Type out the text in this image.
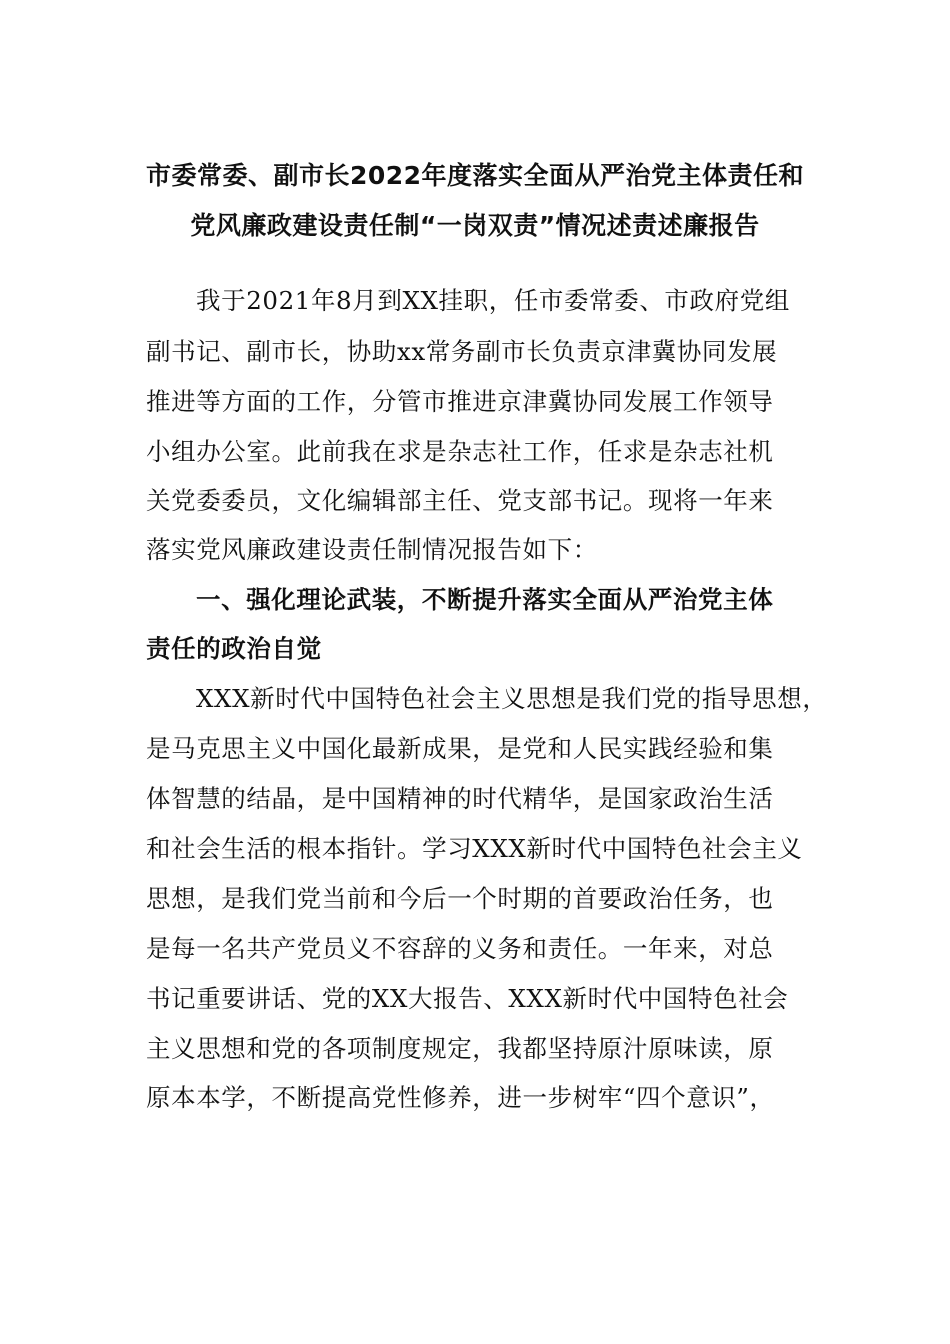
市委常委、副市长2022年度落实全面从严治党主体责任和
党风廉政建设责任制“一岗双责”情况述责述廉报告
我于2021年8月到XX挂职，任市委常委、市政府党组
副书记、副市长，协助xx常务副市长负责京津冀协同发展
推进等方面的工作，分管市推进京津冀协同发展工作领导
小组办公室。此前我在求是杂志社工作，任求是杂志社机
关党委委员，文化编辑部主任、党支部书记。现将一年来
落实党风廉政建设责任制情况报告如下：
一、强化理论武装，不断提升落实全面从严治党主体
责任的政治自觉
XXX新时代中国特色社会主义思想是我们党的指导思想，
是马克思主义中国化最新成果，是党和人民实践经验和集
体智慧的结晶，是中国精神的时代精华，是国家政治生活
和社会生活的根本指针。学习XXX新时代中国特色社会主义
思想，是我们党当前和今后一个时期的首要政治任务，也
是每一名共产党员义不容辞的义务和责任。一年来，对总
书记重要讲话、党的XX大报告、XXX新时代中国特色社会
主义思想和党的各项制度规定，我都坚持原汁原味读，原
原本本学，不断提高党性修养，进一步树牢“四个意识”，
